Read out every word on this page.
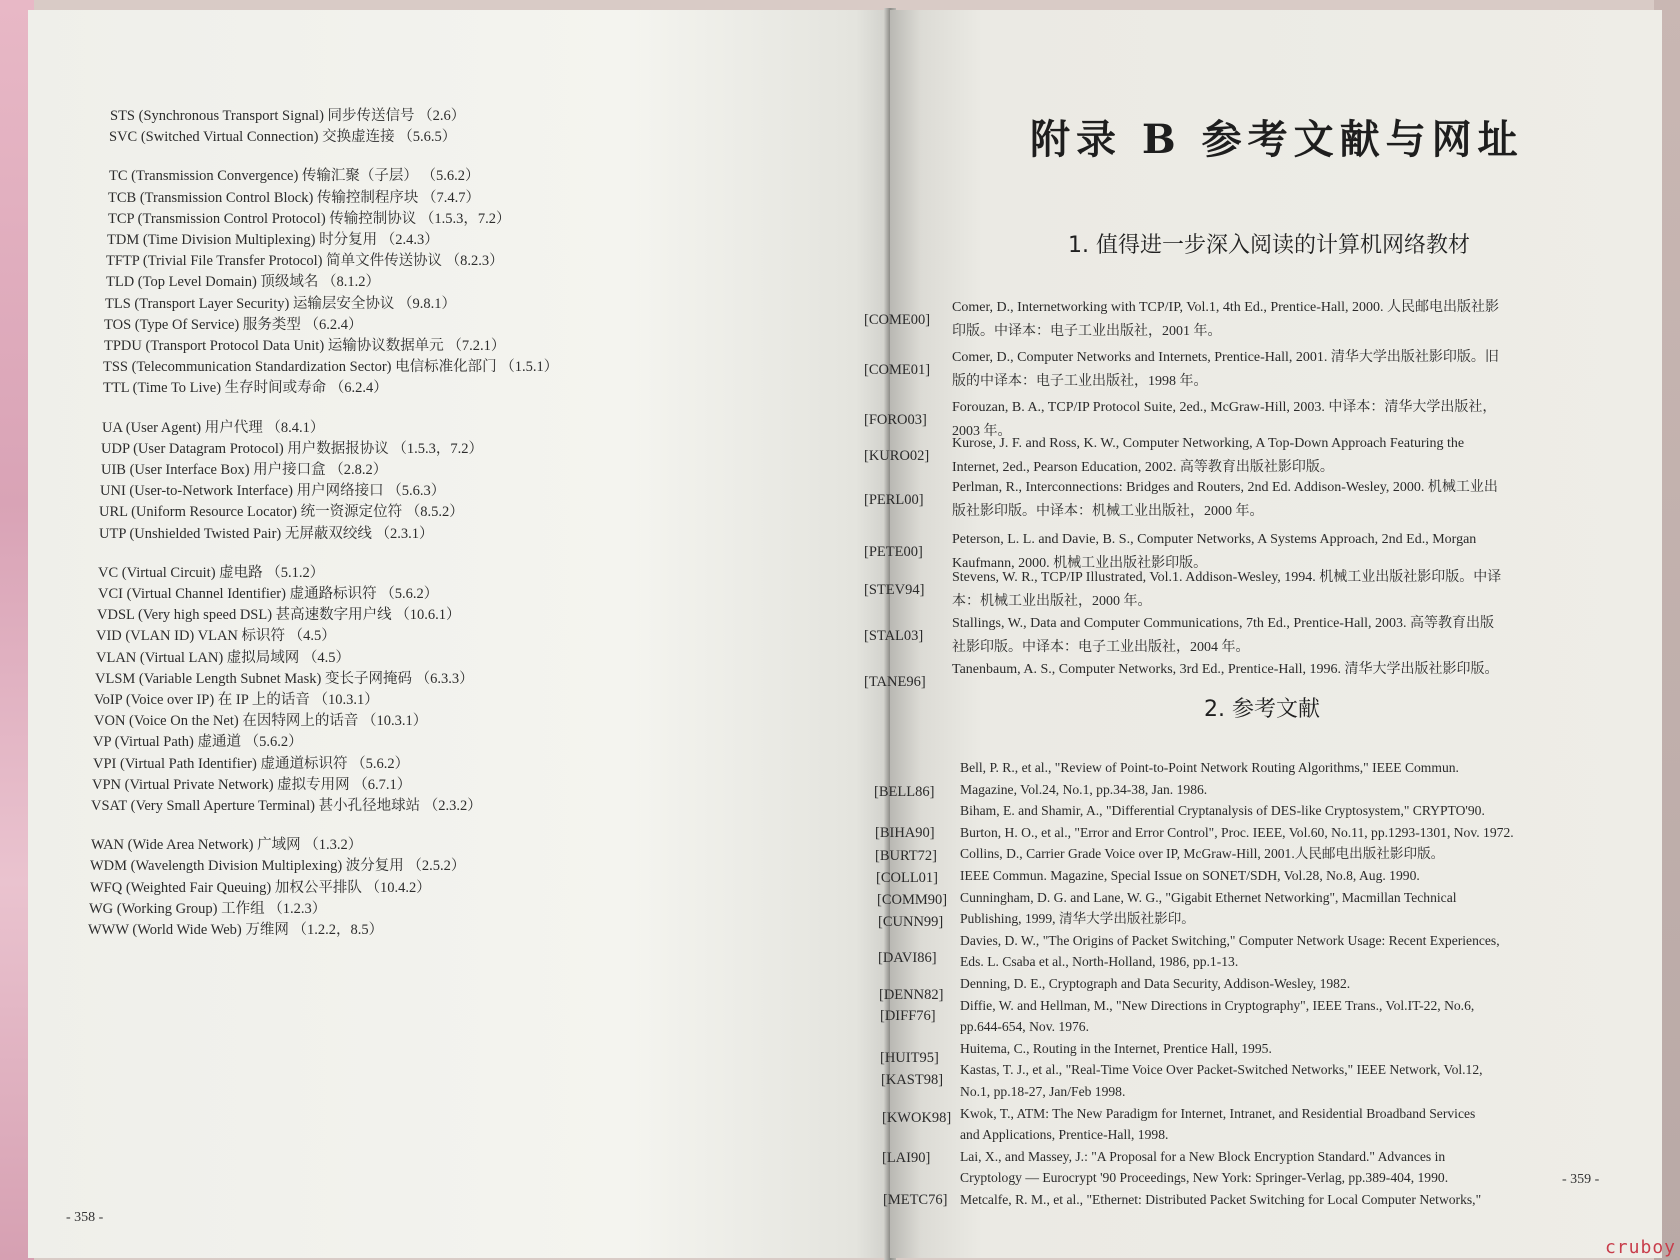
STS (Synchronous Transport Signal) 同步传送信号 （2.6）
SVC (Switched Virtual Connection) 交换虚连接 （5.6.5）
TC (Transmission Convergence) 传输汇聚（子层） （5.6.2）
TCB (Transmission Control Block) 传输控制程序块 （7.4.7）
TCP (Transmission Control Protocol) 传输控制协议 （1.5.3，7.2）
TDM (Time Division Multiplexing) 时分复用 （2.4.3）
TFTP (Trivial File Transfer Protocol) 简单文件传送协议 （8.2.3）
TLD (Top Level Domain) 顶级域名 （8.1.2）
TLS (Transport Layer Security) 运输层安全协议 （9.8.1）
TOS (Type Of Service) 服务类型 （6.2.4）
TPDU (Transport Protocol Data Unit) 运输协议数据单元 （7.2.1）
TSS (Telecommunication Standardization Sector) 电信标准化部门 （1.5.1）
TTL (Time To Live) 生存时间或寿命 （6.2.4）
UA (User Agent) 用户代理 （8.4.1）
UDP (User Datagram Protocol) 用户数据报协议 （1.5.3，7.2）
UIB (User Interface Box) 用户接口盒 （2.8.2）
UNI (User-to-Network Interface) 用户网络接口 （5.6.3）
URL (Uniform Resource Locator) 统一资源定位符 （8.5.2）
UTP (Unshielded Twisted Pair) 无屏蔽双绞线 （2.3.1）
VC (Virtual Circuit) 虚电路 （5.1.2）
VCI (Virtual Channel Identifier) 虚通路标识符 （5.6.2）
VDSL (Very high speed DSL) 甚高速数字用户线 （10.6.1）
VID (VLAN ID) VLAN 标识符 （4.5）
VLAN (Virtual LAN) 虚拟局域网 （4.5）
VLSM (Variable Length Subnet Mask) 变长子网掩码 （6.3.3）
VoIP (Voice over IP) 在 IP 上的话音 （10.3.1）
VON (Voice On the Net) 在因特网上的话音 （10.3.1）
VP (Virtual Path) 虚通道 （5.6.2）
VPI (Virtual Path Identifier) 虚通道标识符 （5.6.2）
VPN (Virtual Private Network) 虚拟专用网 （6.7.1）
VSAT (Very Small Aperture Terminal) 甚小孔径地球站 （2.3.2）
WAN (Wide Area Network) 广域网 （1.3.2）
WDM (Wavelength Division Multiplexing) 波分复用 （2.5.2）
WFQ (Weighted Fair Queuing) 加权公平排队 （10.4.2）
WG (Working Group) 工作组 （1.2.3）
WWW (World Wide Web) 万维网 （1.2.2，8.5）
- 358 -
附录 B 参考文献与网址
1. 值得进一步深入阅读的计算机网络教材
[COME00]
Comer, D., Internetworking with TCP/IP, Vol.1, 4th Ed., Prentice-Hall, 2000. 人民邮电出版社影
印版。中译本：电子工业出版社，2001 年。
[COME01]
Comer, D., Computer Networks and Internets, Prentice-Hall, 2001. 清华大学出版社影印版。旧
版的中译本：电子工业出版社，1998 年。
[FORO03]
Forouzan, B. A., TCP/IP Protocol Suite, 2ed., McGraw-Hill, 2003. 中译本：清华大学出版社，
2003 年。
[KURO02]
Kurose, J. F. and Ross, K. W., Computer Networking, A Top-Down Approach Featuring the
Internet, 2ed., Pearson Education, 2002. 高等教育出版社影印版。
[PERL00]
Perlman, R., Interconnections: Bridges and Routers, 2nd Ed. Addison-Wesley, 2000. 机械工业出
版社影印版。中译本：机械工业出版社，2000 年。
[PETE00]
Peterson, L. L. and Davie, B. S., Computer Networks, A Systems Approach, 2nd Ed., Morgan
Kaufmann, 2000. 机械工业出版社影印版。
[STEV94]
Stevens, W. R., TCP/IP Illustrated, Vol.1. Addison-Wesley, 1994. 机械工业出版社影印版。中译
本：机械工业出版社，2000 年。
[STAL03]
Stallings, W., Data and Computer Communications, 7th Ed., Prentice-Hall, 2003. 高等教育出版
社影印版。中译本：电子工业出版社，2004 年。
[TANE96]
Tanenbaum, A. S., Computer Networks, 3rd Ed., Prentice-Hall, 1996. 清华大学出版社影印版。
2. 参考文献
[BELL86]
[BIHA90]
[BURT72]
[COLL01]
[COMM90]
[CUNN99]
[DAVI86]
[DENN82]
[DIFF76]
[HUIT95]
[KAST98]
[KWOK98]
[LAI90]
[METC76]
Bell, P. R., et al., "Review of Point-to-Point Network Routing Algorithms," IEEE Commun.
Magazine, Vol.24, No.1, pp.34-38, Jan. 1986.
Biham, E. and Shamir, A., "Differential Cryptanalysis of DES-like Cryptosystem," CRYPTO'90.
Burton, H. O., et al., "Error and Error Control", Proc. IEEE, Vol.60, No.11, pp.1293-1301, Nov. 1972.
Collins, D., Carrier Grade Voice over IP, McGraw-Hill, 2001.人民邮电出版社影印版。
IEEE Commun. Magazine, Special Issue on SONET/SDH, Vol.28, No.8, Aug. 1990.
Cunningham, D. G. and Lane, W. G., "Gigabit Ethernet Networking", Macmillan Technical
Publishing, 1999, 清华大学出版社影印。
Davies, D. W., "The Origins of Packet Switching," Computer Network Usage: Recent Experiences,
Eds. L. Csaba et al., North-Holland, 1986, pp.1-13.
Denning, D. E., Cryptograph and Data Security, Addison-Wesley, 1982.
Diffie, W. and Hellman, M., "New Directions in Cryptography", IEEE Trans., Vol.IT-22, No.6,
pp.644-654, Nov. 1976.
Huitema, C., Routing in the Internet, Prentice Hall, 1995.
Kastas, T. J., et al., "Real-Time Voice Over Packet-Switched Networks," IEEE Network, Vol.12,
No.1, pp.18-27, Jan/Feb 1998.
Kwok, T., ATM: The New Paradigm for Internet, Intranet, and Residential Broadband Services
and Applications, Prentice-Hall, 1998.
Lai, X., and Massey, J.: "A Proposal for a New Block Encryption Standard." Advances in
Cryptology — Eurocrypt '90 Proceedings, New York: Springer-Verlag, pp.389-404, 1990.
Metcalfe, R. M., et al., "Ethernet: Distributed Packet Switching for Local Computer Networks,"
- 359 -
cruboy
